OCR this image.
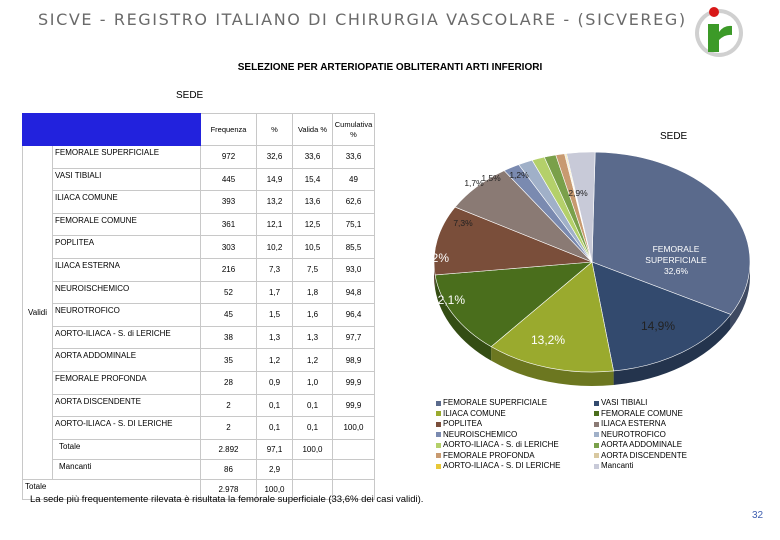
SICVE - REGISTRO ITALIANO DI CHIRURGIA VASCOLARE - (SICVEREG)
SELEZIONE PER ARTERIOPATIE OBLITERANTI ARTI INFERIORI
SEDE
		Frequenza	%	Valida %	Cumulativa %
Validi	FEMORALE SUPERFICIALE	972	32,6	33,6	33,6
	VASI TIBIALI	445	14,9	15,4	49
	ILIACA COMUNE	393	13,2	13,6	62,6
	FEMORALE COMUNE	361	12,1	12,5	75,1
	POPLITEA	303	10,2	10,5	85,5
	ILIACA ESTERNA	216	7,3	7,5	93,0
	NEUROISCHEMICO	52	1,7	1,8	94,8
	NEUROTROFICO	45	1,5	1,6	96,4
	AORTO-ILIACA - S. di LERICHE	38	1,3	1,3	97,7
	AORTA ADDOMINALE	35	1,2	1,2	98,9
	FEMORALE PROFONDA	28	0,9	1,0	99,9
	AORTA DISCENDENTE	2	0,1	0,1	99,9
	AORTO-ILIACA - S. DI LERICHE	2	0,1	0,1	100,0
	Totale	2.892	97,1	100,0	
	Mancanti	86	2,9		
Totale		2.978	100,0		
SEDE
FEMORALE SUPERFICIALE 32,6%
14,9%
13,2%
12,1%
10,2%
7,3%
1,7%
1,5% 1,2%
2,9%
FEMORALE SUPERFICIALE
ILIACA COMUNE
POPLITEA
NEUROISCHEMICO
AORTO-ILIACA - S. di LERICHE
FEMORALE PROFONDA
AORTO-ILIACA - S. DI LERICHE
VASI TIBIALI
FEMORALE COMUNE
ILIACA ESTERNA
NEUROTROFICO
AORTA ADDOMINALE
AORTA DISCENDENTE
Mancanti
La sede più frequentemente rilevata è risultata la femorale superficiale (33,6% dei casi validi).
32
